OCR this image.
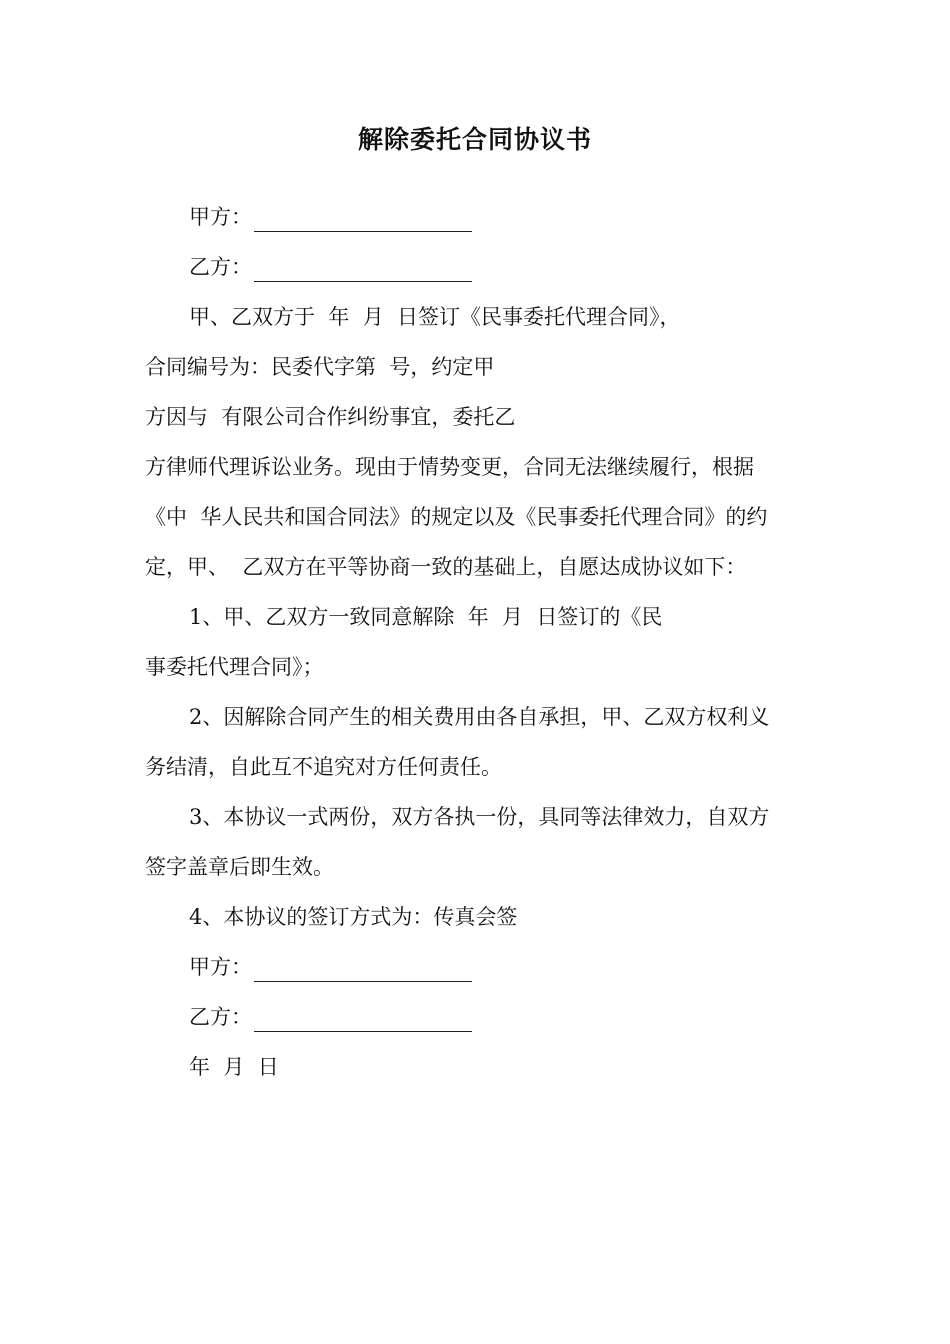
解除委托合同协议书
甲方：
乙方：
甲、乙双方于  年  月  日签订《民事委托代理合同》，
合同编号为：民委代字第  号，约定甲
方因与  有限公司合作纠纷事宜，委托乙
方律师代理诉讼业务。现由于情势变更，合同无法继续履行，根据
《中  华人民共和国合同法》的规定以及《民事委托代理合同》的约
定，甲、  乙双方在平等协商一致的基础上，自愿达成协议如下：
1、甲、乙双方一致同意解除  年  月  日签订的《民
事委托代理合同》；
2、因解除合同产生的相关费用由各自承担，甲、乙双方权利义
务结清，自此互不追究对方任何责任。
3、本协议一式两份，双方各执一份，具同等法律效力，自双方
签字盖章后即生效。
4、本协议的签订方式为：传真会签
甲方：
乙方：
年  月  日
